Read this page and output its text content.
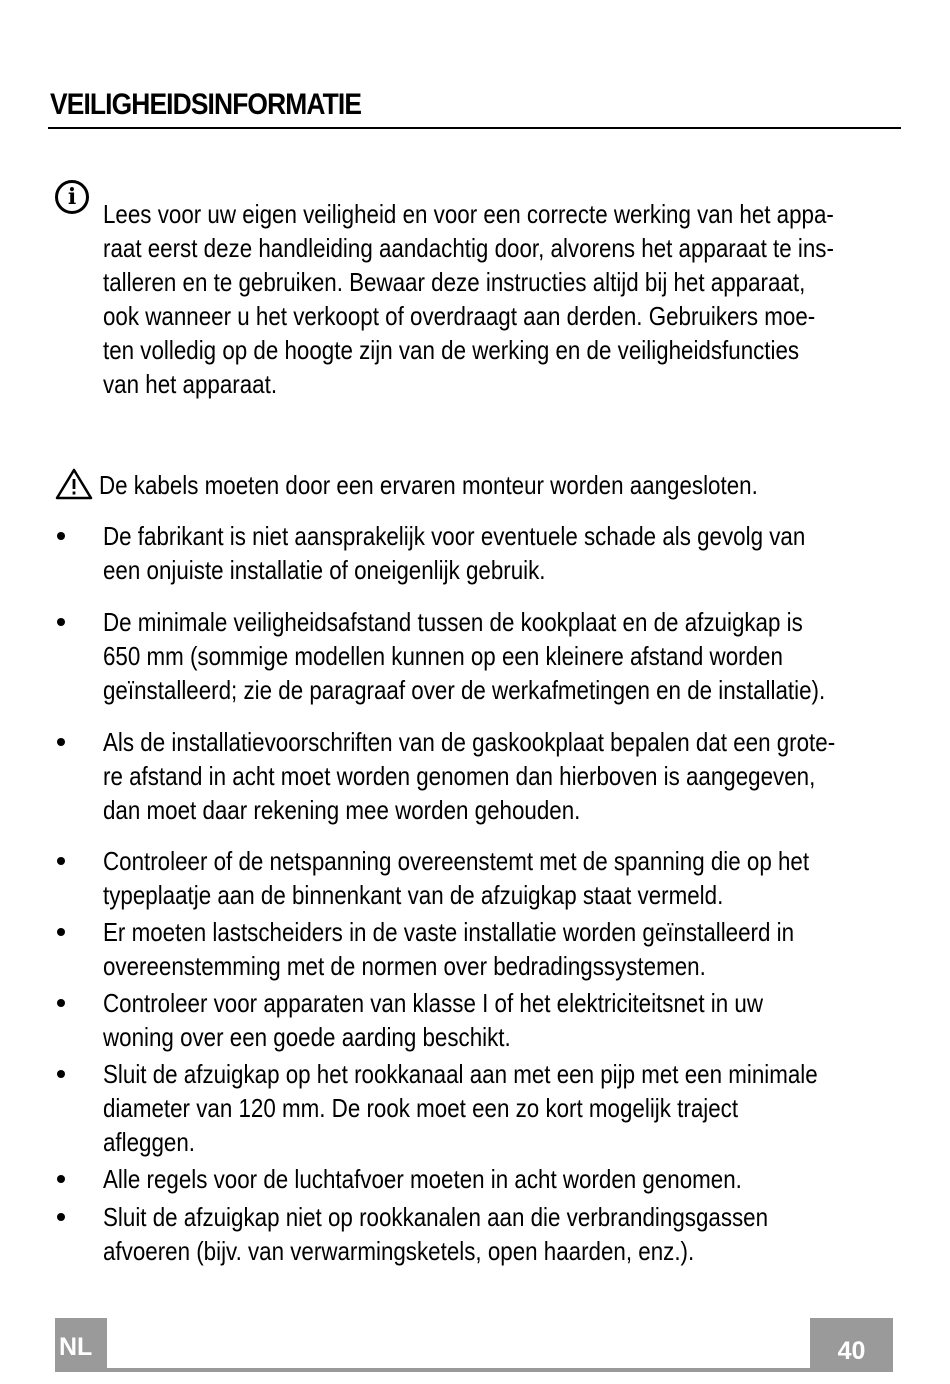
VEILIGHEIDSINFORMATIE
i
Lees voor uw eigen veiligheid en voor een correcte werking van het appa-
raat eerst deze handleiding aandachtig door, alvorens het apparaat te ins-
talleren en te gebruiken. Bewaar deze instructies altijd bij het apparaat,
ook wanneer u het verkoopt of overdraagt aan derden. Gebruikers moe-
ten volledig op de hoogte zijn van de werking en de veiligheidsfuncties
van het apparaat.
De kabels moeten door een ervaren monteur worden aangesloten.
De fabrikant is niet aansprakelijk voor eventuele schade als gevolg van
een onjuiste installatie of oneigenlijk gebruik.
De minimale veiligheidsafstand tussen de kookplaat en de afzuigkap is
650 mm (sommige modellen kunnen op een kleinere afstand worden
geïnstalleerd; zie de paragraaf over de werkafmetingen en de installatie).
Als de installatievoorschriften van de gaskookplaat bepalen dat een grote-
re afstand in acht moet worden genomen dan hierboven is aangegeven,
dan moet daar rekening mee worden gehouden.
Controleer of de netspanning overeenstemt met de spanning die op het
typeplaatje aan de binnenkant van de afzuigkap staat vermeld.
Er moeten lastscheiders in de vaste installatie worden geïnstalleerd in
overeenstemming met de normen over bedradingssystemen.
Controleer voor apparaten van klasse I of het elektriciteitsnet in uw
woning over een goede aarding beschikt.
Sluit de afzuigkap op het rookkanaal aan met een pijp met een minimale
diameter van 120 mm. De rook moet een zo kort mogelijk traject
afleggen.
Alle regels voor de luchtafvoer moeten in acht worden genomen.
Sluit de afzuigkap niet op rookkanalen aan die verbrandingsgassen
afvoeren (bijv. van verwarmingsketels, open haarden, enz.).
NL	40
